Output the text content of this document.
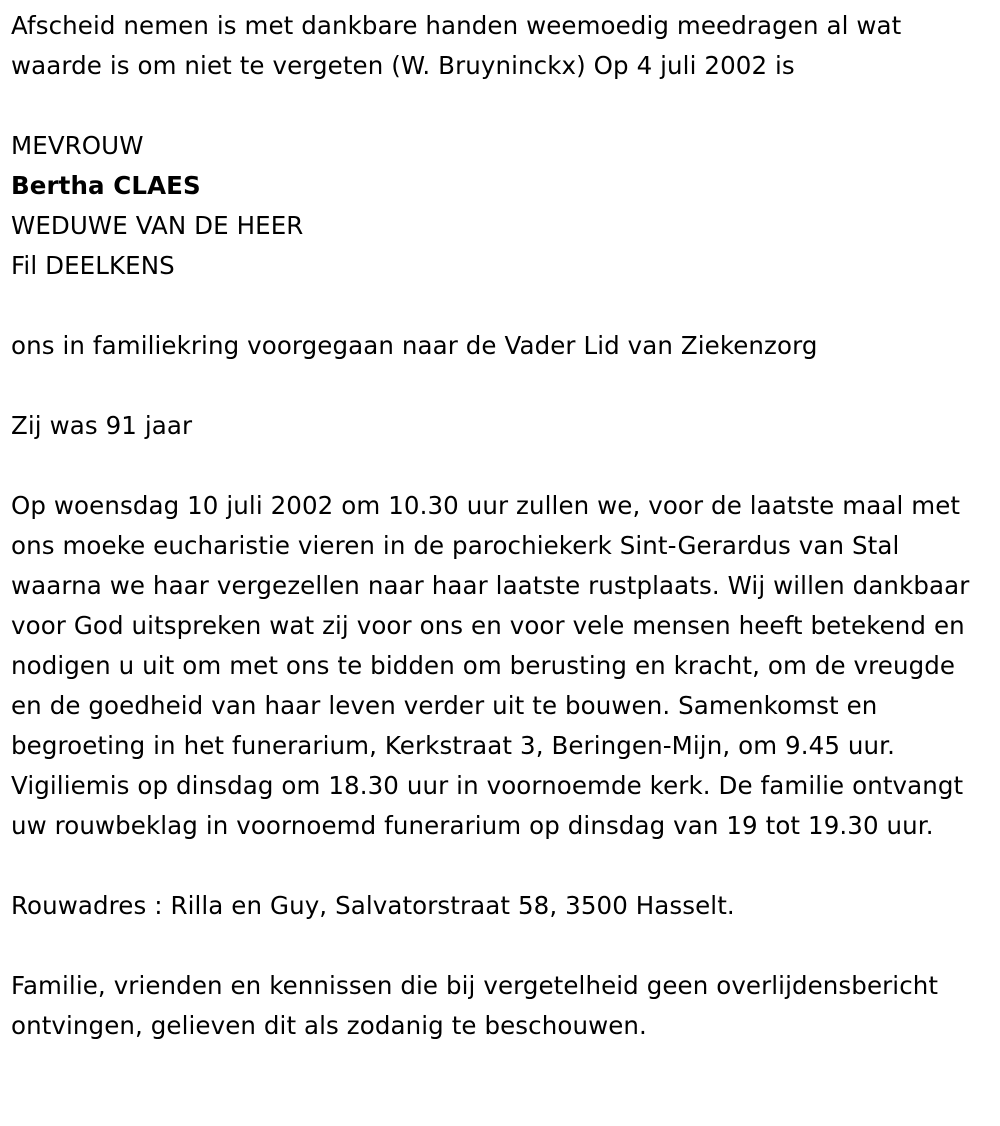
Afscheid nemen is met dankbare handen weemoedig meedragen al wat waarde is om niet te vergeten (W. Bruyninckx) Op 4 juli 2002 is

MEVROUW

Bertha CLAES

WEDUWE VAN DE HEER

Fil DEELKENS

ons in familiekring voorgegaan naar de Vader Lid van Ziekenzorg

Zij was 91 jaar

Op woensdag 10 juli 2002 om 10.30 uur zullen we, voor de laatste maal met ons moeke eucharistie vieren in de parochiekerk Sint-Gerardus van Stal waarna we haar vergezellen naar haar laatste rustplaats. Wij willen dankbaar voor God uitspreken wat zij voor ons en voor vele mensen heeft betekend en nodigen u uit om met ons te bidden om berusting en kracht, om de vreugde en de goedheid van haar leven verder uit te bouwen. Samenkomst en begroeting in het funerarium, Kerkstraat 3, Beringen-Mijn, om 9.45 uur. Vigiliemis op dinsdag om 18.30 uur in voornoemde kerk. De familie ontvangt uw rouwbeklag in voornoemd funerarium op dinsdag van 19 tot 19.30 uur.

Rouwadres : Rilla en Guy, Salvatorstraat 58, 3500 Hasselt.

Familie, vrienden en kennissen die bij vergetelheid geen overlijdensbericht ontvingen, gelieven dit als zodanig te beschouwen.
